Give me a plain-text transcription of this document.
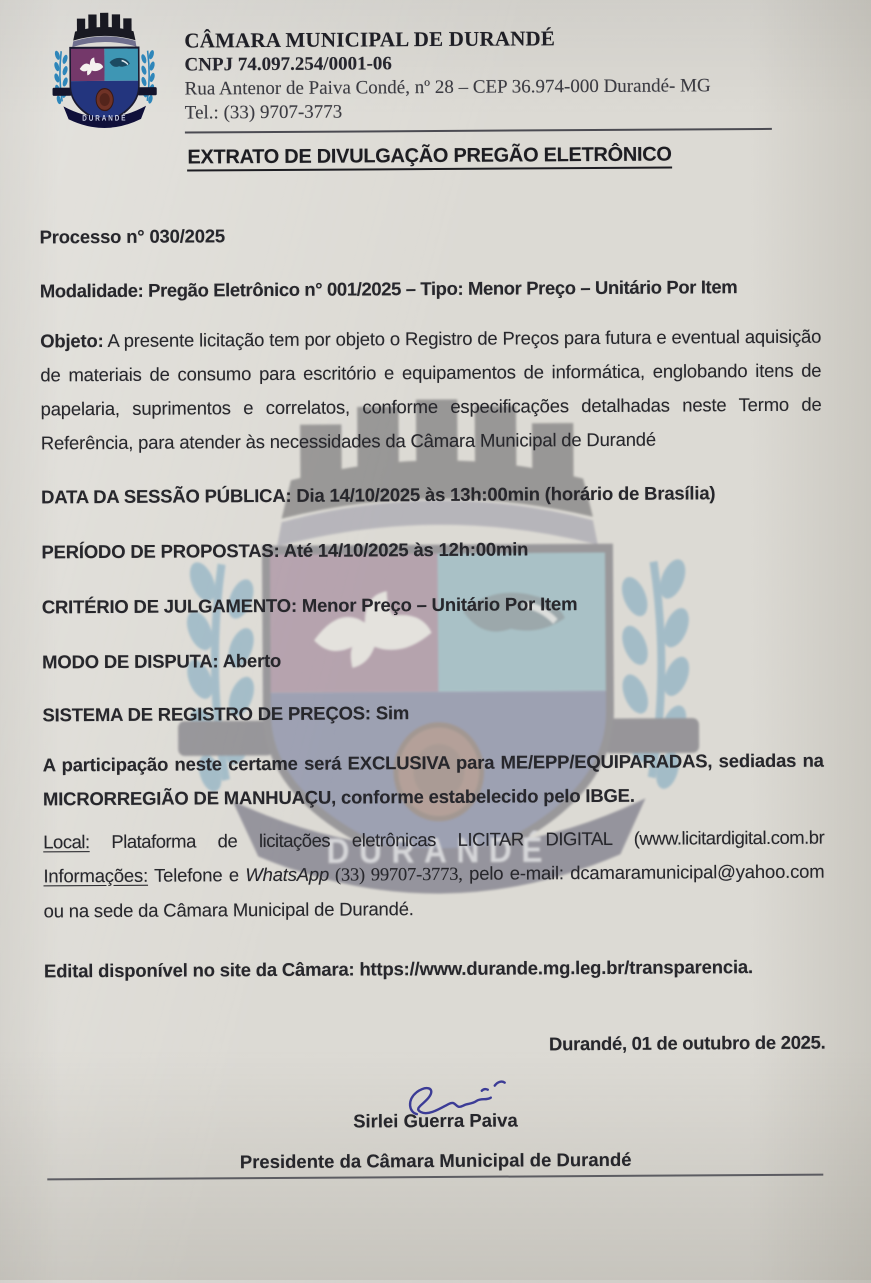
CÂMARA MUNICIPAL DE DURANDÉ
CNPJ 74.097.254/0001-06
Rua Antenor de Paiva Condé, nº 28 – CEP 36.974-000 Durandé- MG
Tel.: (33) 9707-3773
EXTRATO DE DIVULGAÇÃO PREGÃO ELETRÔNICO

Processo n° 030/2025

Modalidade: Pregão Eletrônico n° 001/2025 – Tipo: Menor Preço – Unitário Por Item

Objeto: A presente licitação tem por objeto o Registro de Preços para futura e eventual aquisição de materiais de consumo para escritório e equipamentos de informática, englobando itens de papelaria, suprimentos e correlatos, conforme especificações detalhadas neste Termo de Referência, para atender às necessidades da Câmara Municipal de Durandé

DATA DA SESSÃO PÚBLICA: Dia 14/10/2025 às 13h:00min (horário de Brasília)

PERÍODO DE PROPOSTAS: Até 14/10/2025 às 12h:00min

CRITÉRIO DE JULGAMENTO: Menor Preço – Unitário Por Item

MODO DE DISPUTA: Aberto

SISTEMA DE REGISTRO DE PREÇOS: Sim

A participação neste certame será EXCLUSIVA para ME/EPP/EQUIPARADAS, sediadas na MICRORREGIÃO DE MANHUAÇU, conforme estabelecido pelo IBGE.

Local: Plataforma de licitações eletrônicas LICITAR DIGITAL (www.licitardigital.com.br

Informações: Telefone e WhatsApp (33) 99707-3773, pelo e-mail: dcamaramunicipal@yahoo.com ou na sede da Câmara Municipal de Durandé.

Edital disponível no site da Câmara: https://www.durande.mg.leg.br/transparencia.

Durandé, 01 de outubro de 2025.

Sirlei Guerra Paiva
Presidente da Câmara Municipal de Durandé
